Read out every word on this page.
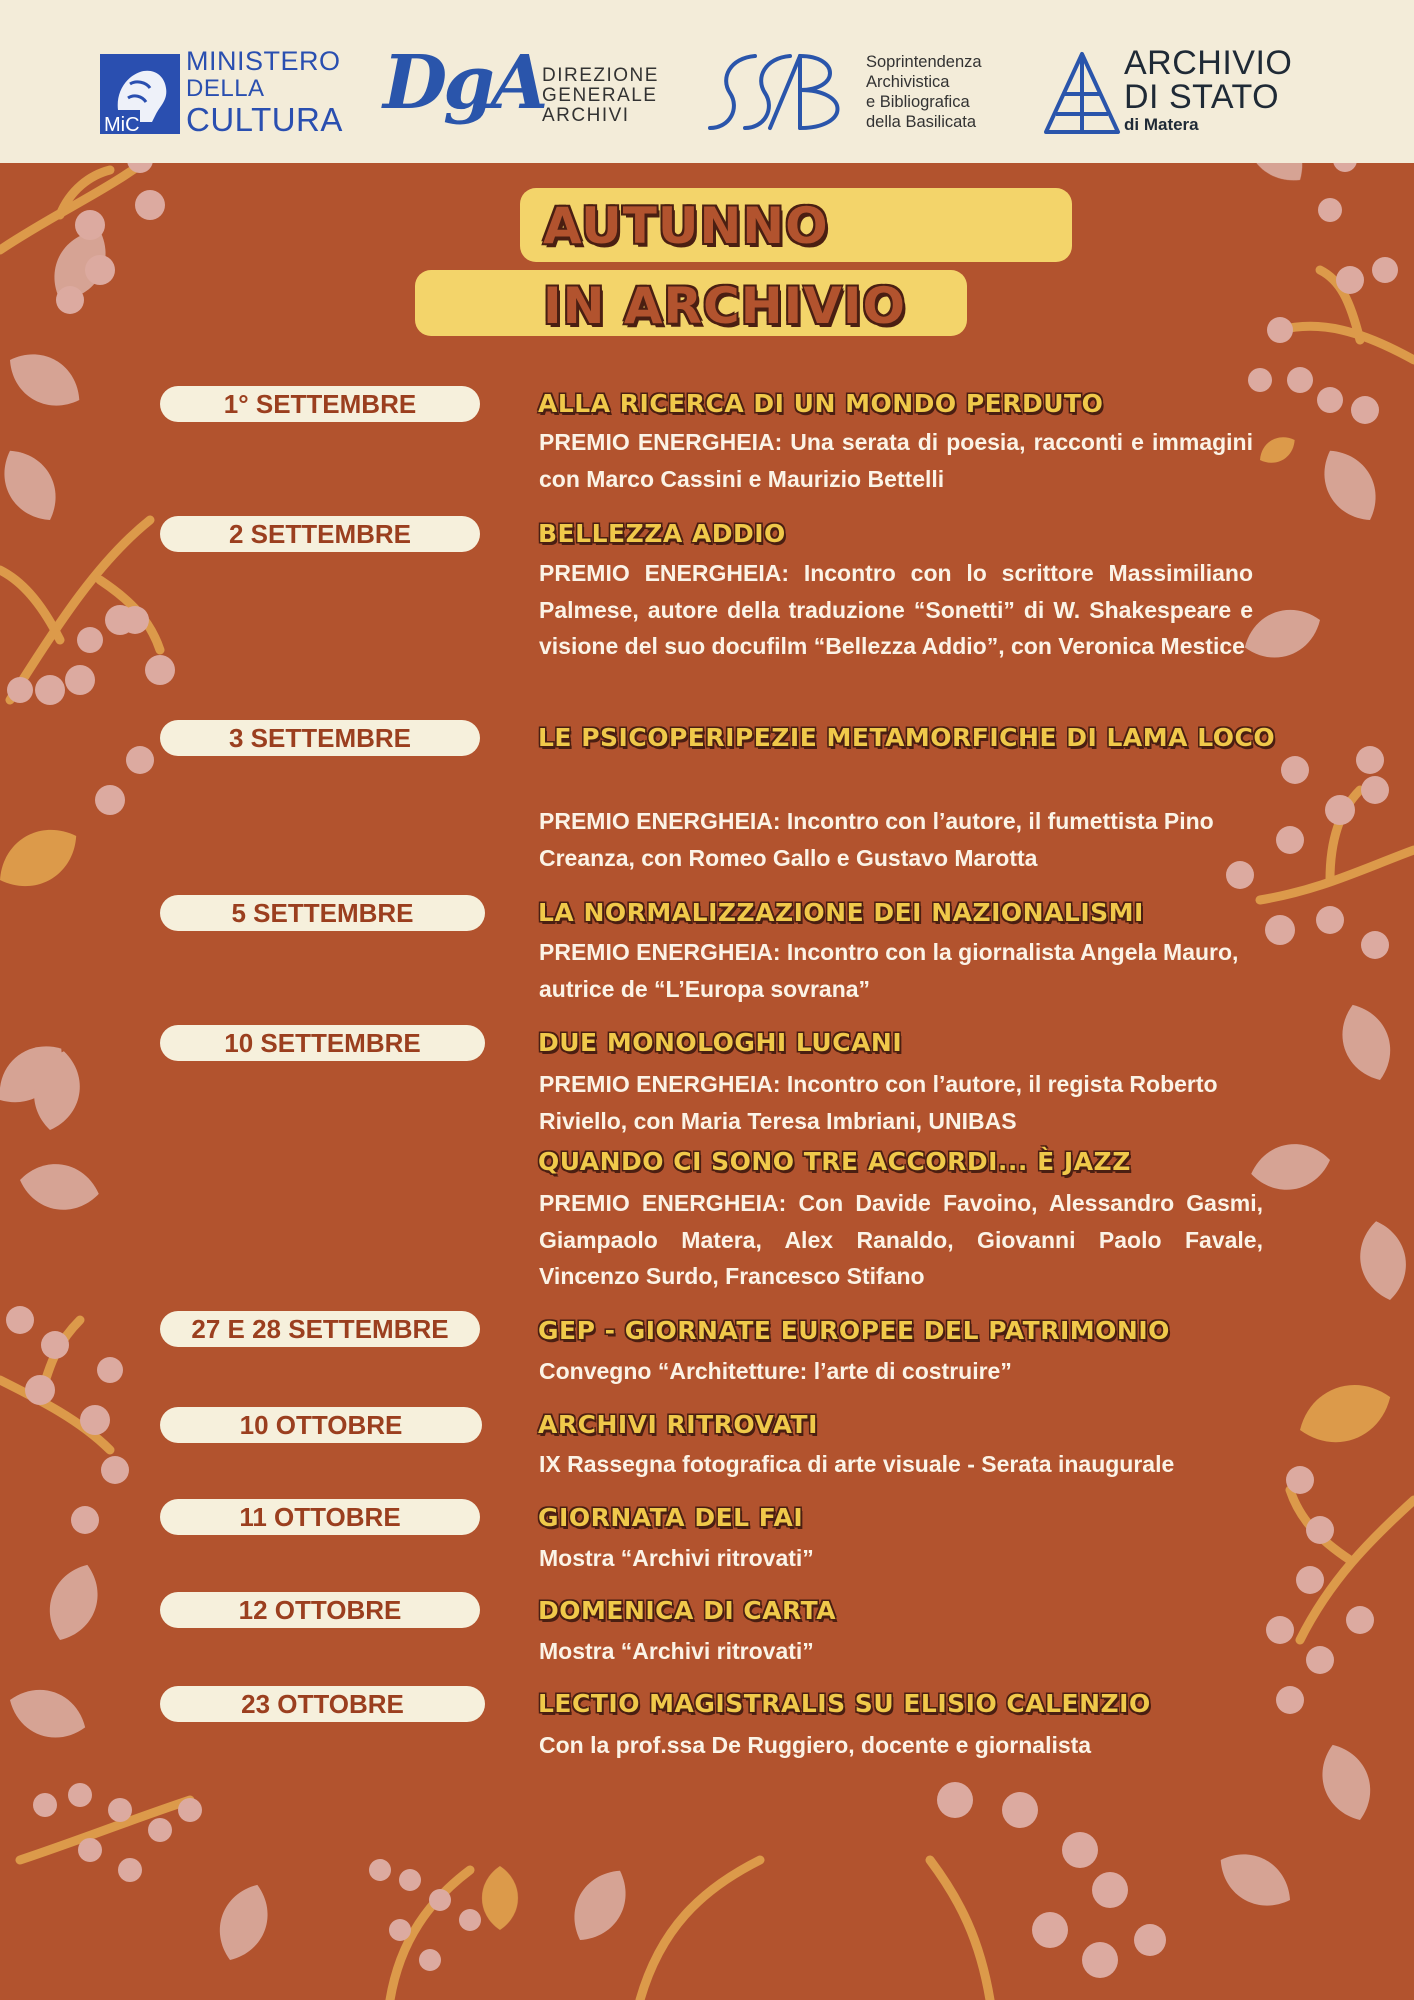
MiC
MINISTERO
DELLA
CULTURA DgA
DIREZIONE
GENERALE
ARCHIVI
Soprintendenza
Archivistica
e Bibliografica
della Basilicata
ARCHIVIO
DI STATO
di Matera
AUTUNNO
IN ARCHIVIO
1° SETTEMBRE	ALLA RICERCA DI UN MONDO PERDUTO
PREMIO ENERGHEIA: Una serata di poesia, racconti e immagini con Marco Cassini e Maurizio Bettelli
2 SETTEMBRE	BELLEZZA ADDIO
PREMIO ENERGHEIA: Incontro con lo scrittore Massimiliano Palmese, autore della traduzione “Sonetti” di W. Shakespeare e visione del suo docufilm “Bellezza Addio”, con Veronica Mestice
3 SETTEMBRE	LE PSICOPERIPEZIE METAMORFICHE DI LAMA LOCO
PREMIO ENERGHEIA: Incontro con l’autore, il fumettista Pino Creanza, con Romeo Gallo e Gustavo Marotta
5 SETTEMBRE	LA NORMALIZZAZIONE DEI NAZIONALISMI
PREMIO ENERGHEIA: Incontro con la giornalista Angela Mauro, autrice de “L’Europa sovrana”
10 SETTEMBRE	DUE MONOLOGHI LUCANI
PREMIO ENERGHEIA: Incontro con l’autore, il regista Roberto Riviello, con Maria Teresa Imbriani, UNIBAS
QUANDO CI SONO TRE ACCORDI... È JAZZ
PREMIO ENERGHEIA: Con Davide Favoino, Alessandro Gasmi, Giampaolo Matera, Alex Ranaldo, Giovanni Paolo Favale, Vincenzo Surdo, Francesco Stifano
27 E 28 SETTEMBRE	GEP - GIORNATE EUROPEE DEL PATRIMONIO
Convegno “Architetture: l’arte di costruire”
10 OTTOBRE	ARCHIVI RITROVATI
IX Rassegna fotografica di arte visuale - Serata inaugurale
11 OTTOBRE	GIORNATA DEL FAI
Mostra “Archivi ritrovati”
12 OTTOBRE	DOMENICA DI CARTA
Mostra “Archivi ritrovati”
23 OTTOBRE	LECTIO MAGISTRALIS SU ELISIO CALENZIO
Con la prof.ssa De Ruggiero, docente e giornalista
